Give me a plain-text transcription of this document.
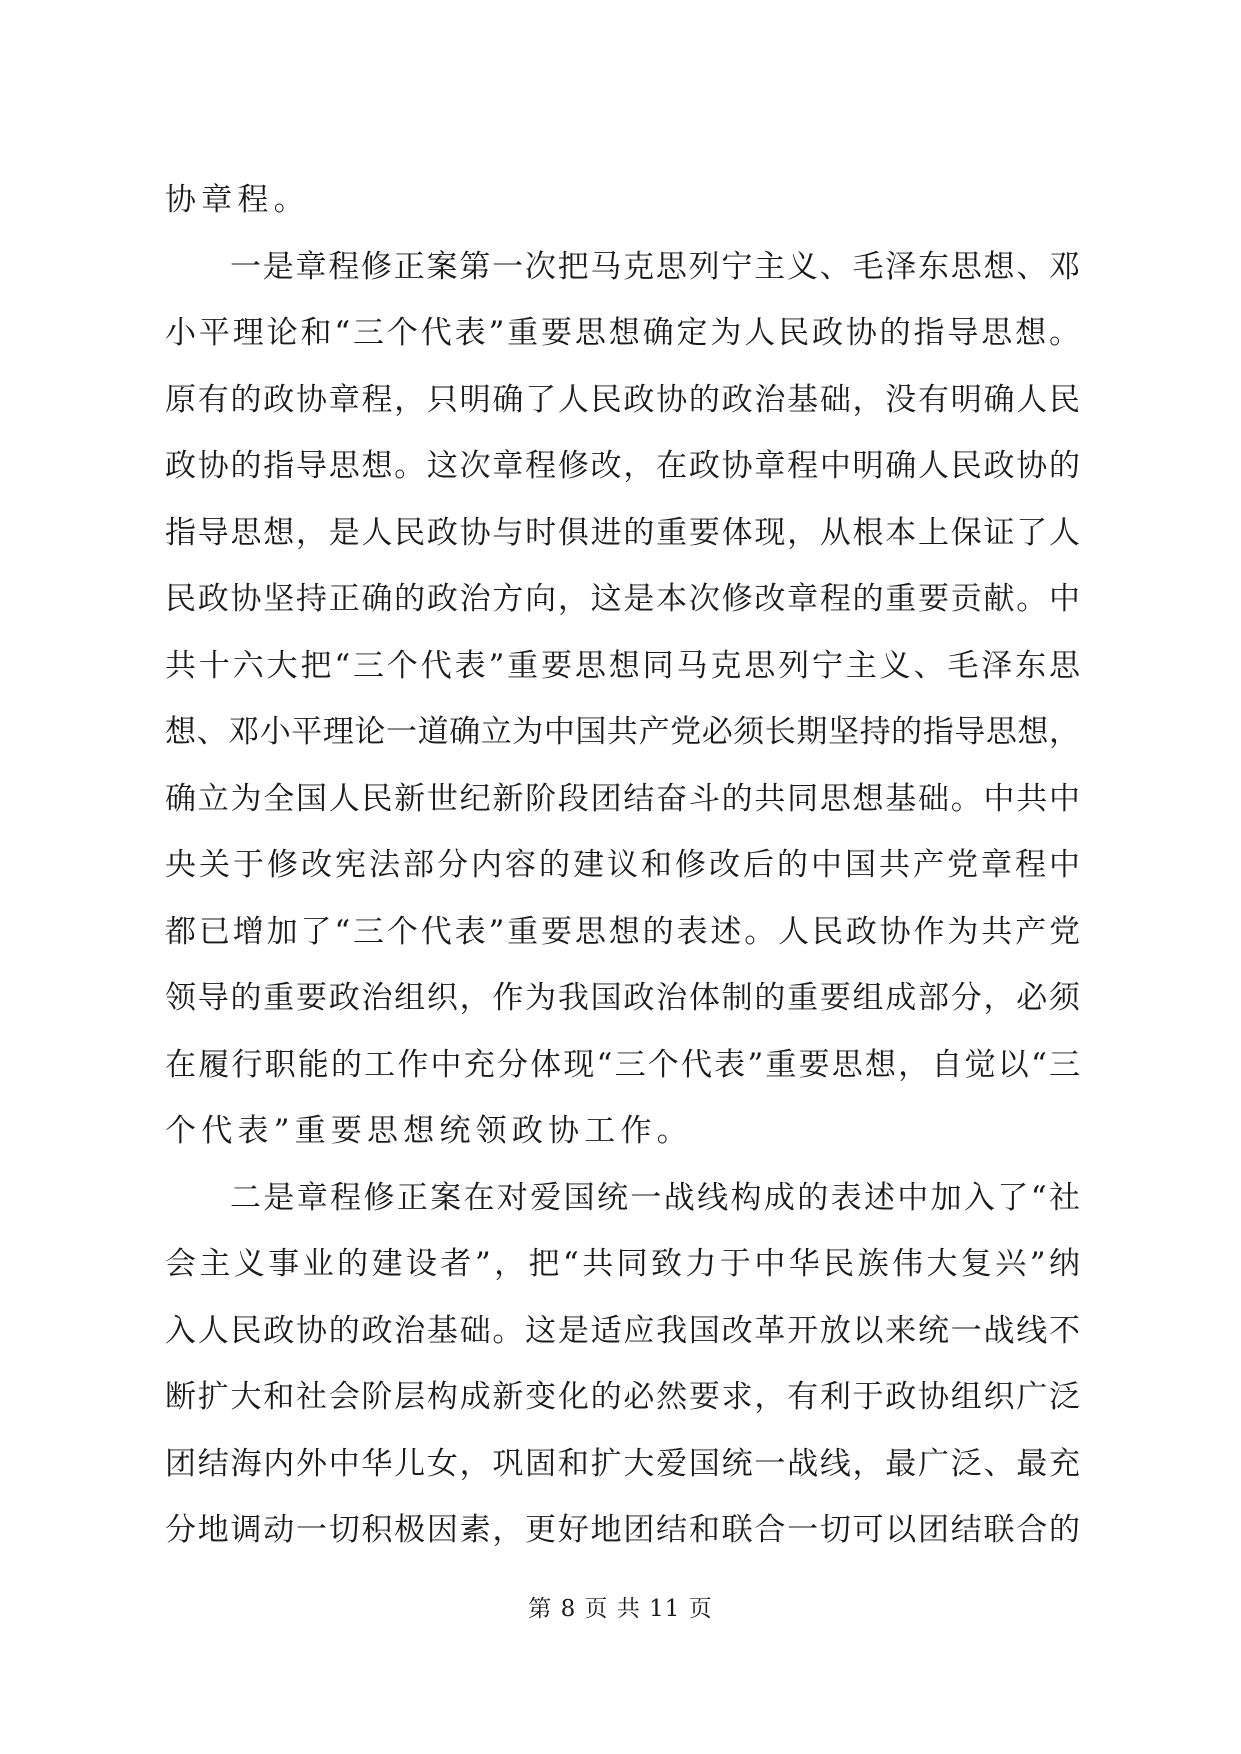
协章程。
一是章程修正案第一次把马克思列宁主义、毛泽东思想、邓
小平理论和“三个代表”重要思想确定为人民政协的指导思想。
原有的政协章程，只明确了人民政协的政治基础，没有明确人民
政协的指导思想。这次章程修改，在政协章程中明确人民政协的
指导思想，是人民政协与时俱进的重要体现，从根本上保证了人
民政协坚持正确的政治方向，这是本次修改章程的重要贡献。中
共十六大把“三个代表”重要思想同马克思列宁主义、毛泽东思
想、邓小平理论一道确立为中国共产党必须长期坚持的指导思想，
确立为全国人民新世纪新阶段团结奋斗的共同思想基础。中共中
央关于修改宪法部分内容的建议和修改后的中国共产党章程中
都已增加了“三个代表”重要思想的表述。人民政协作为共产党
领导的重要政治组织，作为我国政治体制的重要组成部分，必须
在履行职能的工作中充分体现“三个代表”重要思想，自觉以“三
个代表”重要思想统领政协工作。
二是章程修正案在对爱国统一战线构成的表述中加入了“社
会主义事业的建设者”，把“共同致力于中华民族伟大复兴”纳
入人民政协的政治基础。这是适应我国改革开放以来统一战线不
断扩大和社会阶层构成新变化的必然要求，有利于政协组织广泛
团结海内外中华儿女，巩固和扩大爱国统一战线，最广泛、最充
分地调动一切积极因素，更好地团结和联合一切可以团结联合的
第 8 页 共 11 页
